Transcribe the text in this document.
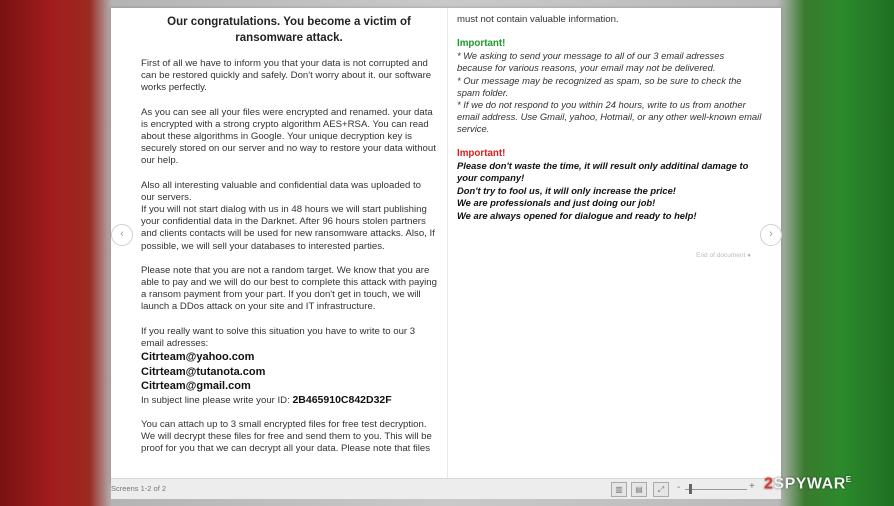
Our congratulations. You become a victim of ransomware attack.

First of all we have to inform you that your data is not corrupted and can be restored quickly and safely. Don't worry about it. our software works perfectly.

As you can see all your files were encrypted and renamed. your data is encrypted with a strong crypto algorithm AES+RSA. You can read about these algorithms in Google. Your unique decryption key is securely stored on our server and no way to restore your data without our help.

Also all interesting valuable and confidential data was uploaded to our servers.

If you will not start dialog with us in 48 hours we will start publishing your confidential data in the Darknet. After 96 hours stolen partners and clients contacts will be used for new ransomware attacks. Also, If possible, we will sell your databases to interested parties.

Please note that you are not a random target. We know that you are able to pay and we will do our best to complete this attack with paying a ransom payment from your part. If you don't get in touch, we will launch a DDos attack on your site and IT infrastructure.

If you really want to solve this situation you have to write to our 3 email adresses:

Citrteam@yahoo.com
Citrteam@tutanota.com
Citrteam@gmail.com

In subject line please write your ID: 2B465910C842D32F

You can attach up to 3 small encrypted files for free test decryption. We will decrypt these files for free and send them to you. This will be proof for you that we can decrypt all your data. Please note that files

must not contain valuable information.

Important!
* We asking to send your message to all of our 3 email adresses because for various reasons, your email may not be delivered.
* Our message may be recognized as spam, so be sure to check the spam folder.
* If we do not respond to you within 24 hours, write to us from another email address. Use Gmail, yahoo, Hotmail, or any other well-known email service.
Important!
Please don't waste the time, it will result only additinal damage to your company!
Don't try to fool us, it will only increase the price!
We are professionals and just doing our job!
We are always opened for dialogue and ready to help!
End of document ●
‹	›
Screens 1-2 of 2	▥	▤	⤢	-	+ $2SPYWAR^E$
